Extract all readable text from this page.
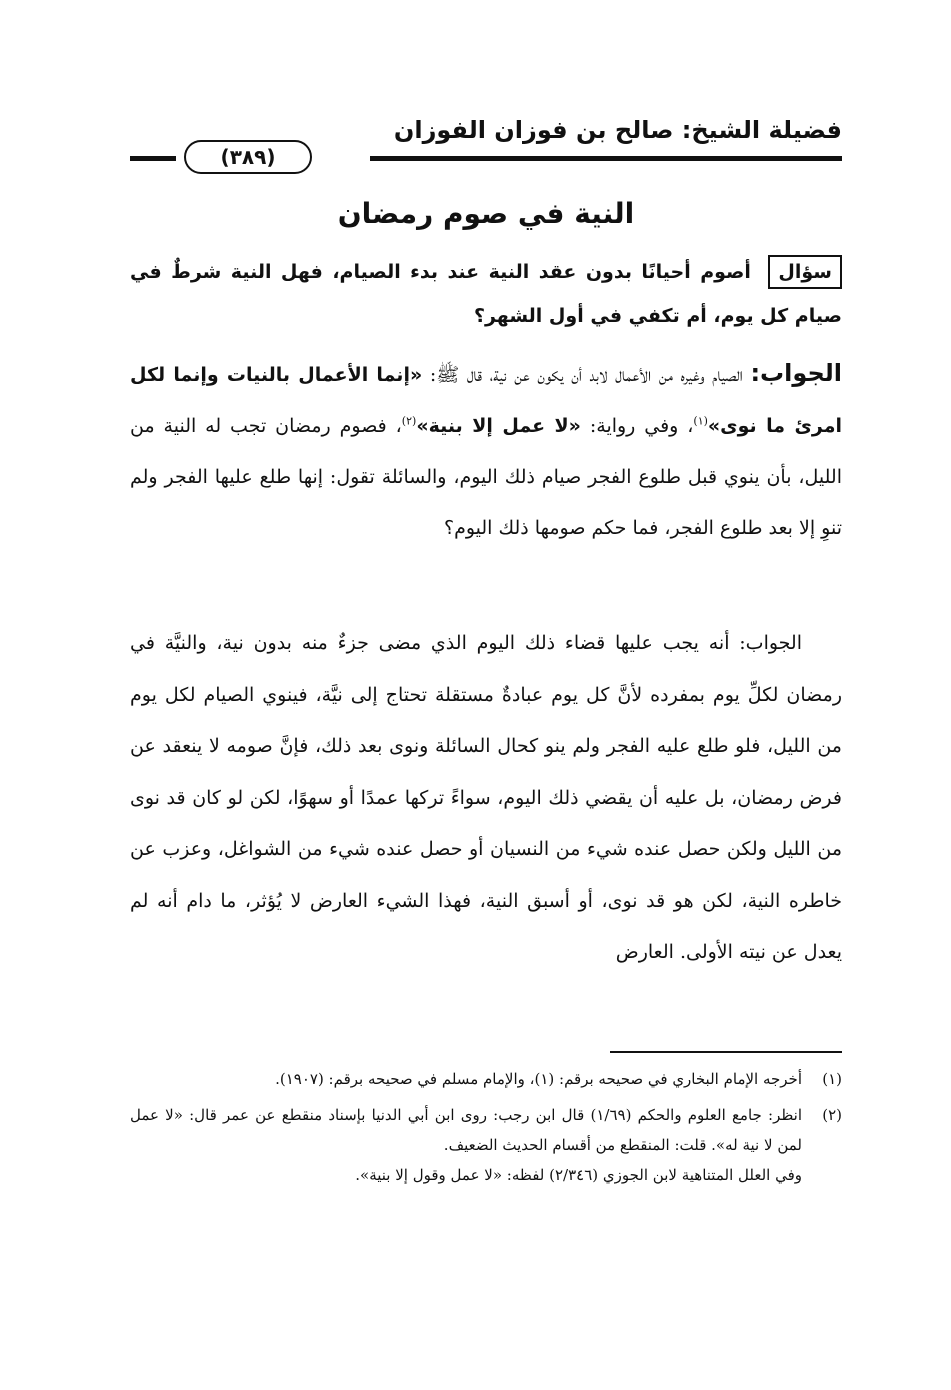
فضيلة الشيخ: صالح بن فوزان الفوزان
(٣٨٩)
النية في صوم رمضان
سؤال أصوم أحيانًا بدون عقد النية عند بدء الصيام، فهل النية شرطٌ في صيام كل يوم، أم تكفي في أول الشهر؟
الجواب: الصيام وغيره من الأعمال لابد أن يكون عن نية، قال ﷺ: «إنما الأعمال بالنيات وإنما لكل امرئ ما نوى»$^{(١)}$، وفي رواية: «لا عمل إلا بنية»$^{(٢)}$، فصوم رمضان تجب له النية من الليل، بأن ينوي قبل طلوع الفجر صيام ذلك اليوم، والسائلة تقول: إنها طلع عليها الفجر ولم تنوِ إلا بعد طلوع الفجر، فما حكم صومها ذلك اليوم؟
الجواب: أنه يجب عليها قضاء ذلك اليوم الذي مضى جزءٌ منه بدون نية، والنيَّة في رمضان لكلِّ يوم بمفرده لأنَّ كل يوم عبادةٌ مستقلة تحتاج إلى نيَّة، فينوي الصيام لكل يوم من الليل، فلو طلع عليه الفجر ولم ينو كحال السائلة ونوى بعد ذلك، فإنَّ صومه لا ينعقد عن فرض رمضان، بل عليه أن يقضي ذلك اليوم، سواءً تركها عمدًا أو سهوًا، لكن لو كان قد نوى من الليل ولكن حصل عنده شيء من النسيان أو حصل عنده شيء من الشواغل، وعزب عن خاطره النية، لكن هو قد نوى، أو أسبق النية، فهذا الشيء العارض لا يُؤثر، ما دام أنه لم يعدل عن نيته الأولى. العارض
(١)
أخرجه الإمام البخاري في صحيحه برقم: (١)، والإمام مسلم في صحيحه برقم: (١٩٠٧).
(٢)
انظر: جامع العلوم والحكم (١/٦٩) قال ابن رجب: روى ابن أبي الدنيا بإسناد منقطع عن عمر قال: «لا عمل لمن لا نية له». قلت: المنقطع من أقسام الحديث الضعيف.
وفي العلل المتناهية لابن الجوزي (٢/٣٤٦) لفظه: «لا عمل وقول إلا بنية».
